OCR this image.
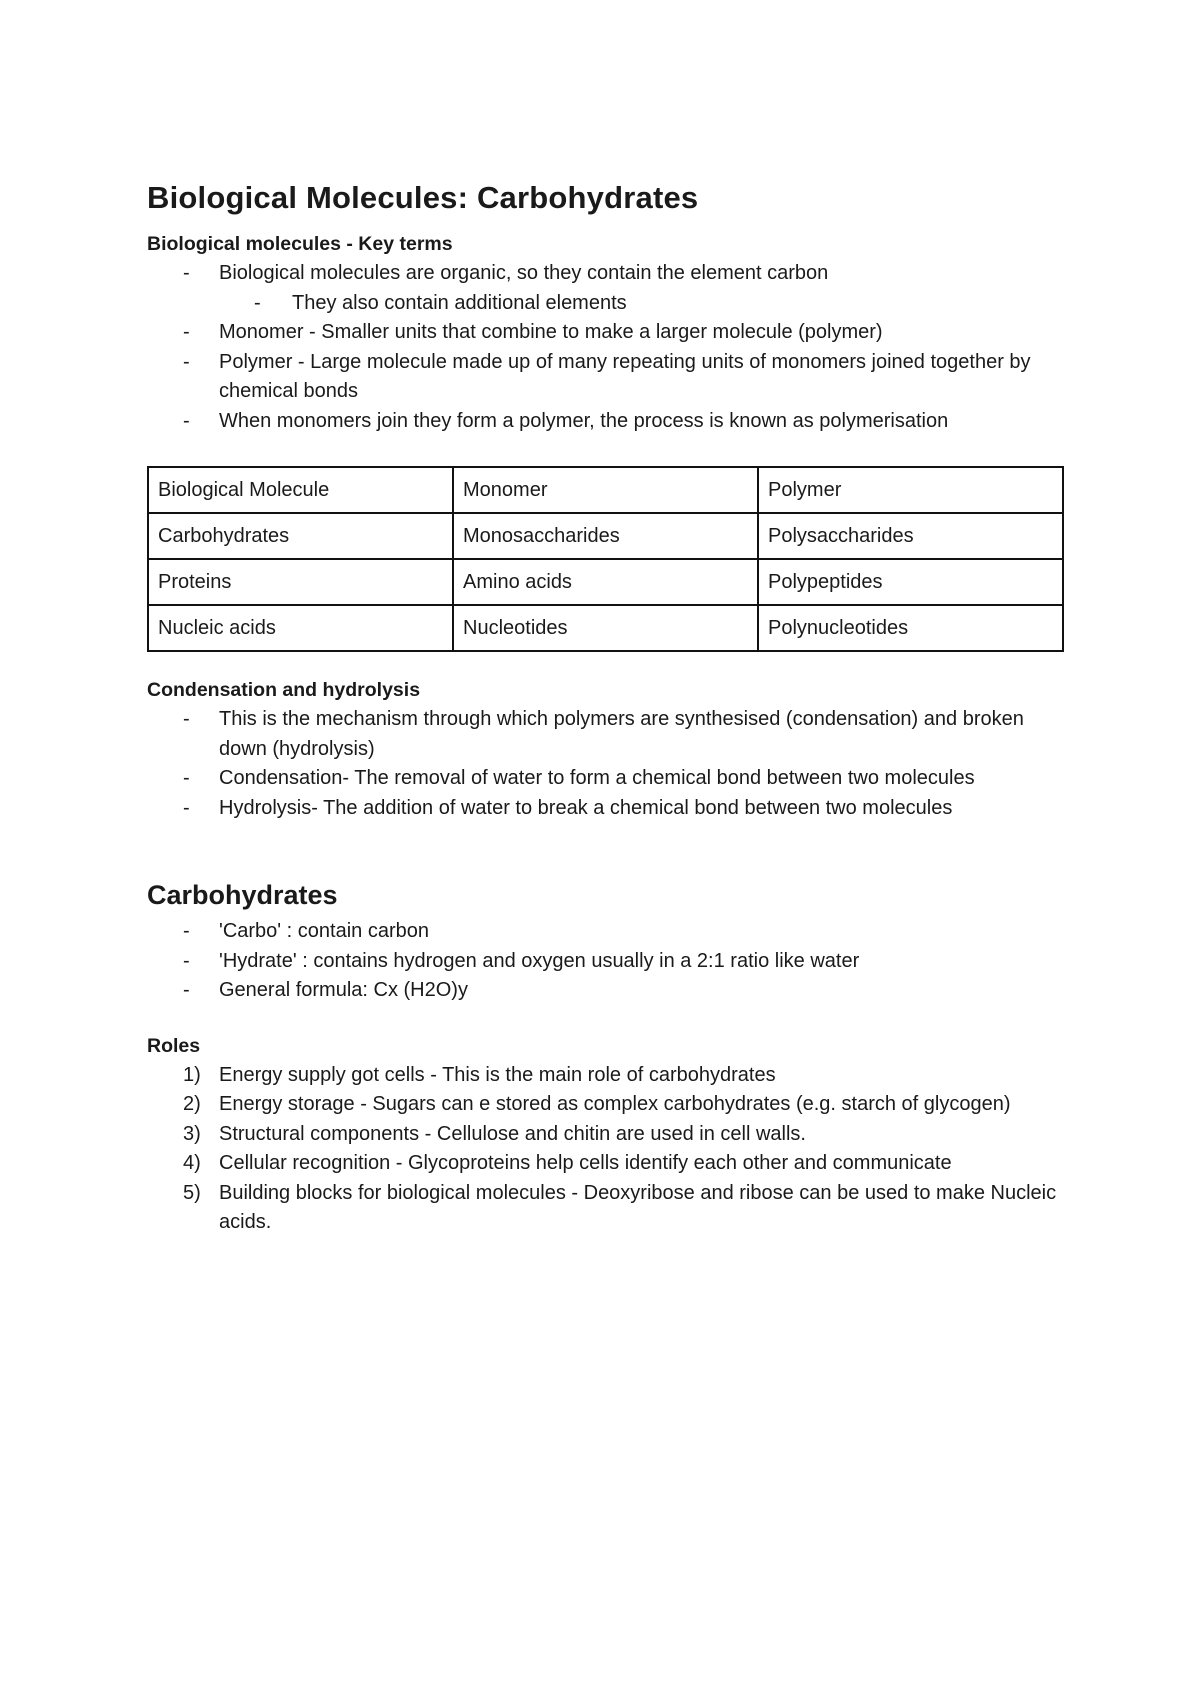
Biological Molecules: Carbohydrates

Biological molecules - Key terms

- Biological molecules are organic, so they contain the element carbon
- They also contain additional elements
- Monomer - Smaller units that combine to make a larger molecule (polymer)
- Polymer - Large molecule made up of many repeating units of monomers joined together by chemical bonds
- When monomers join they form a polymer, the process is known as polymerisation
Biological Molecule	Monomer	Polymer
Carbohydrates	Monosaccharides	Polysaccharides
Proteins	Amino acids	Polypeptides
Nucleic acids	Nucleotides	Polynucleotides

Condensation and hydrolysis

- This is the mechanism through which polymers are synthesised (condensation) and broken down (hydrolysis)
- Condensation- The removal of water to form a chemical bond between two molecules
- Hydrolysis- The addition of water to break a chemical bond between two molecules
Carbohydrates
- 'Carbo' : contain carbon
- 'Hydrate' : contains hydrogen and oxygen usually in a 2:1 ratio like water
- General formula: Cx (H2O)y

Roles

1) Energy supply got cells - This is the main role of carbohydrates
2) Energy storage - Sugars can e stored as complex carbohydrates (e.g. starch of glycogen)
3) Structural components - Cellulose and chitin are used in cell walls.
4) Cellular recognition - Glycoproteins help cells identify each other and communicate
5) Building blocks for biological molecules - Deoxyribose and ribose can be used to make Nucleic acids.
